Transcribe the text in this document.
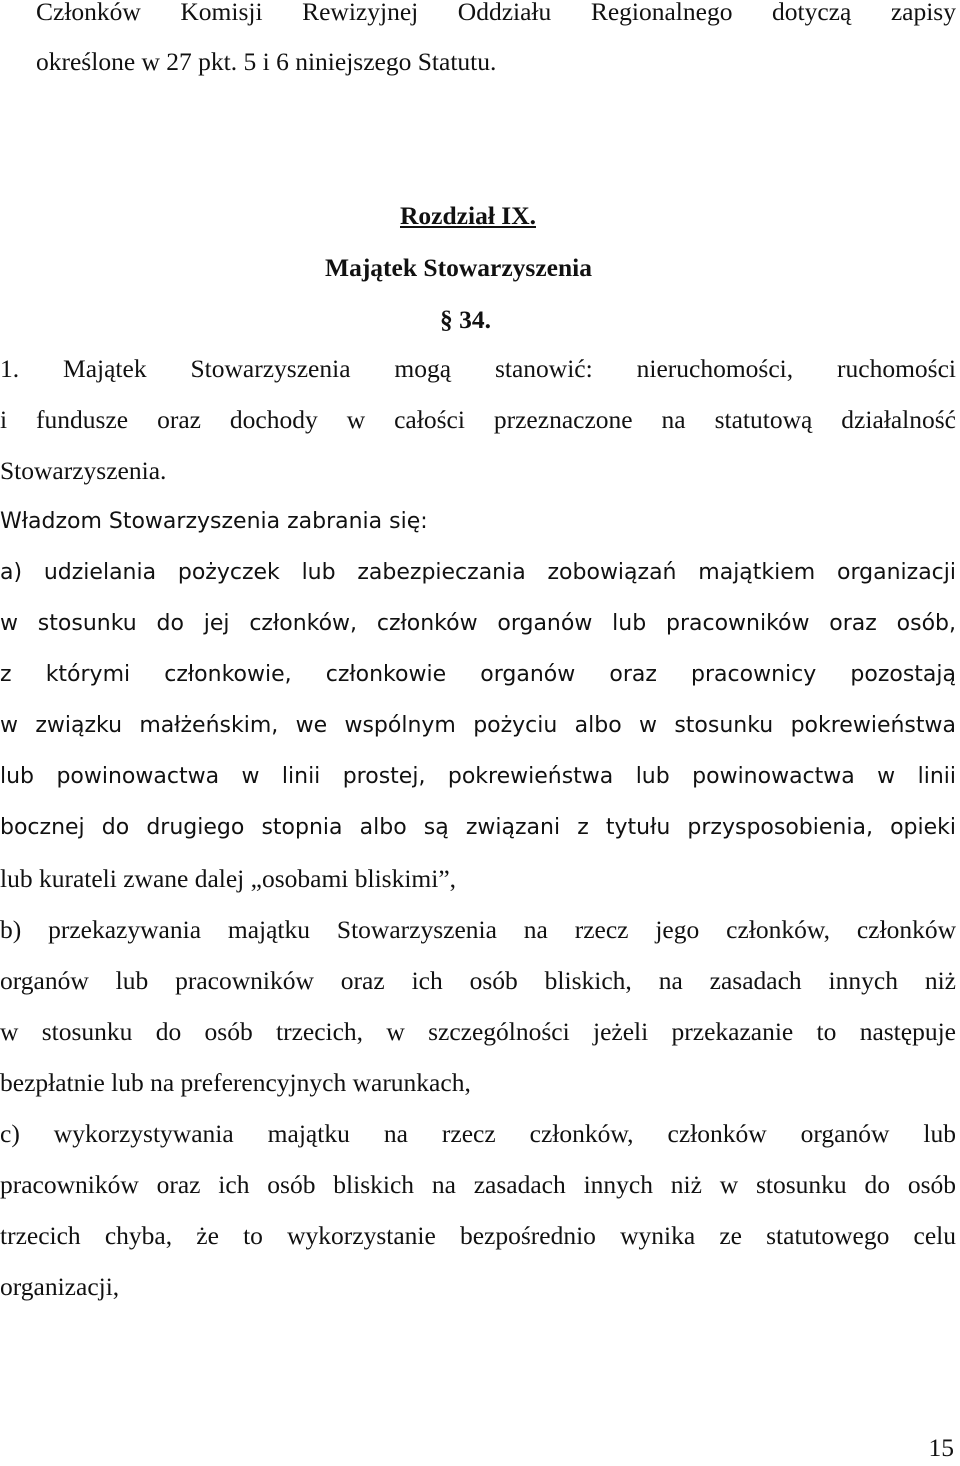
Członków Komisji Rewizyjnej Oddziału Regionalnego dotyczą zapisy
określone w 27 pkt. 5 i 6 niniejszego Statutu.
Rozdział IX.
Majątek Stowarzyszenia
§ 34.
1. Majątek Stowarzyszenia mogą stanowić: nieruchomości, ruchomości
i fundusze oraz dochody w całości przeznaczone na statutową działalność
Stowarzyszenia.
Władzom Stowarzyszenia zabrania się:
a) udzielania pożyczek lub zabezpieczania zobowiązań majątkiem organizacji
w stosunku do jej członków, członków organów lub pracowników oraz osób,
z którymi członkowie, członkowie organów oraz pracownicy pozostają
w związku małżeńskim, we wspólnym pożyciu albo w stosunku pokrewieństwa
lub powinowactwa w linii prostej, pokrewieństwa lub powinowactwa w linii
bocznej do drugiego stopnia albo są związani z tytułu przysposobienia, opieki
lub kurateli zwane dalej „osobami bliskimi”,
b) przekazywania majątku Stowarzyszenia na rzecz jego członków, członków
organów lub pracowników oraz ich osób bliskich, na zasadach innych niż
w stosunku do osób trzecich, w szczególności jeżeli przekazanie to następuje
bezpłatnie lub na preferencyjnych warunkach,
c) wykorzystywania majątku na rzecz członków, członków organów lub
pracowników oraz ich osób bliskich na zasadach innych niż w stosunku do osób
trzecich chyba, że to wykorzystanie bezpośrednio wynika ze statutowego celu
organizacji,
15
